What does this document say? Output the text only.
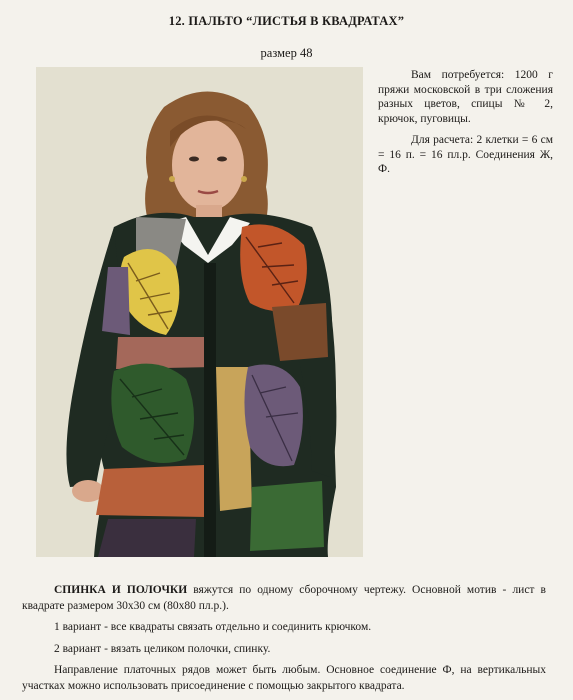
12. ПАЛЬТО “ЛИСТЬЯ В КВАДРАТАХ”
размер 48

Вам потребуется: 1200 г пряжи московской в три сложения разных цветов, спицы № 2, крючок, пуговицы.

Для расчета: 2 клетки = 6 см = 16 п. = 16 пл.р. Соединения Ж, Ф.

СПИНКА И ПОЛОЧКИ вяжутся по одному сборочному чертежу. Основной мотив - лист в квадрате размером 30х30 см (80х80 пл.р.).

1 вариант - все квадраты связать отдельно и соединить крючком.

2 вариант - вязать целиком полочки, спинку.

Направление платочных рядов может быть любым. Основное соединение Ф, на вертикальных участках можно использовать присоединение с помощью закрытого квадрата.
